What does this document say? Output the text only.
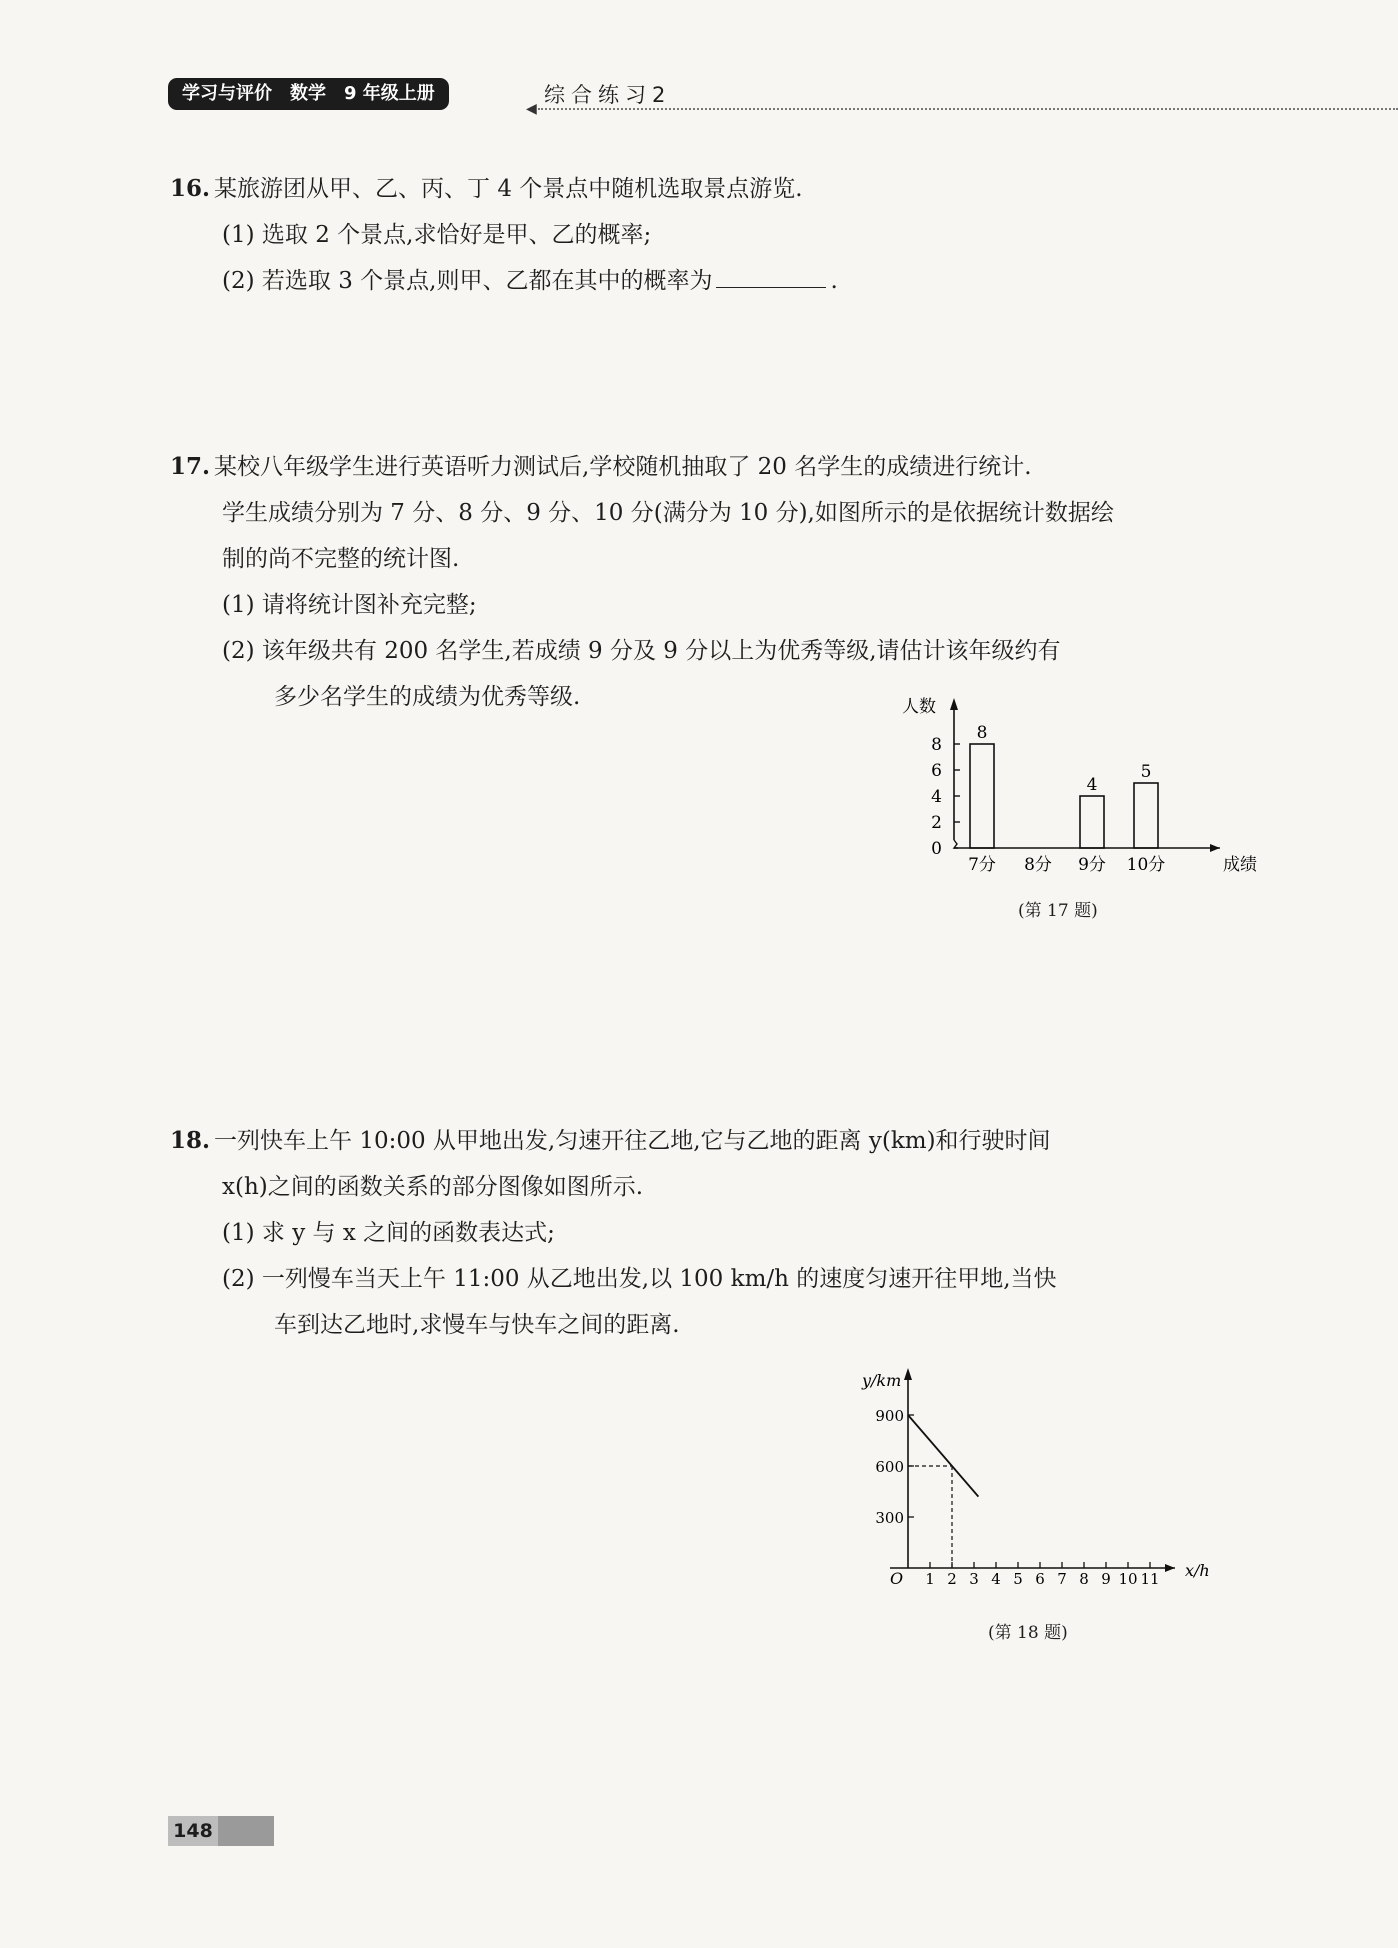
学习与评价 数学 9 年级上册
◀
综合练习2
16. 某旅游团从甲、乙、丙、丁 4 个景点中随机选取景点游览.
(1) 选取 2 个景点,求恰好是甲、乙的概率;
(2) 若选取 3 个景点,则甲、乙都在其中的概率为	.
17. 某校八年级学生进行英语听力测试后,学校随机抽取了 20 名学生的成绩进行统计.
学生成绩分别为 7 分、8 分、9 分、10 分(满分为 10 分),如图所示的是依据统计数据绘
制的尚不完整的统计图.
(1) 请将统计图补充完整;
(2) 该年级共有 200 名学生,若成绩 9 分及 9 分以上为优秀等级,请估计该年级约有
多少名学生的成绩为优秀等级.	人数
0
2
4
6
8
8
7分 8分
4
9分
5
10分	成绩
(第 17 题)
18. 一列快车上午 10:00 从甲地出发,匀速开往乙地,它与乙地的距离 y(km)和行驶时间
x(h)之间的函数关系的部分图像如图所示.
(1) 求 y 与 x 之间的函数表达式;
(2) 一列慢车当天上午 11:00 从乙地出发,以 100 km/h 的速度匀速开往甲地,当快
车到达乙地时,求慢车与快车之间的距离.
y/km
x/h
O 1 2 3 4 5 6 7 8 9 10 11
300
600
900
(第 18 题)
148
